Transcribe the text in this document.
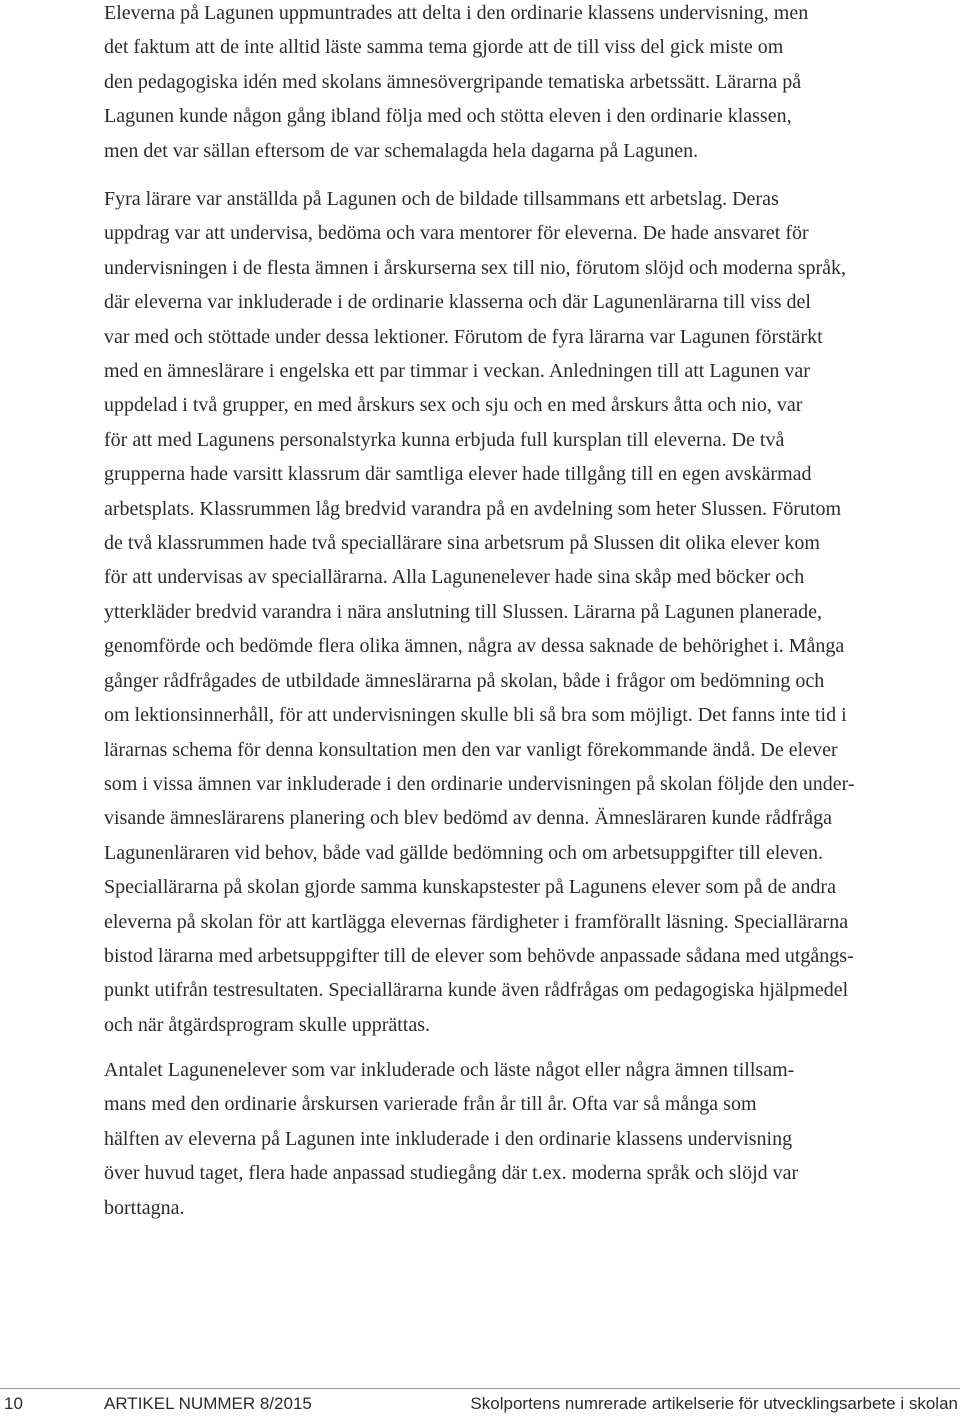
Eleverna på Lagunen uppmuntrades att delta i den ordinarie klassens undervisning, men
det faktum att de inte alltid läste samma tema gjorde att de till viss del gick miste om
den pedagogiska idén med skolans ämnesövergripande tematiska arbetssätt. Lärarna på
Lagunen kunde någon gång ibland följa med och stötta eleven i den ordinarie klassen,
men det var sällan eftersom de var schemalagda hela dagarna på Lagunen.
Fyra lärare var anställda på Lagunen och de bildade tillsammans ett arbetslag. Deras
uppdrag var att undervisa, bedöma och vara mentorer för eleverna. De hade ansvaret för
undervisningen i de flesta ämnen i årskurserna sex till nio, förutom slöjd och moderna språk,
där eleverna var inkluderade i de ordinarie klasserna och där Lagunenlärarna till viss del
var med och stöttade under dessa lektioner. Förutom de fyra lärarna var Lagunen förstärkt
med en ämneslärare i engelska ett par timmar i veckan. Anledningen till att Lagunen var
uppdelad i två grupper, en med årskurs sex och sju och en med årskurs åtta och nio, var
för att med Lagunens personalstyrka kunna erbjuda full kursplan till eleverna. De två
grupperna hade varsitt klassrum där samtliga elever hade tillgång till en egen avskärmad
arbetsplats. Klassrummen låg bredvid varandra på en avdelning som heter Slussen. Förutom
de två klassrummen hade två speciallärare sina arbetsrum på Slussen dit olika elever kom
för att undervisas av speciallärarna. Alla Lagunenelever hade sina skåp med böcker och
ytterkläder bredvid varandra i nära anslutning till Slussen. Lärarna på Lagunen planerade,
genomförde och bedömde flera olika ämnen, några av dessa saknade de behörighet i. Många
gånger rådfrågades de utbildade ämneslärarna på skolan, både i frågor om bedömning och
om lektionsinnerhåll, för att undervisningen skulle bli så bra som möjligt. Det fanns inte tid i
lärarnas schema för denna konsultation men den var vanligt förekommande ändå. De elever
som i vissa ämnen var inkluderade i den ordinarie undervisningen på skolan följde den under-
visande ämneslärarens planering och blev bedömd av denna. Ämnesläraren kunde rådfråga
Lagunenläraren vid behov, både vad gällde bedömning och om arbetsuppgifter till eleven.
Speciallärarna på skolan gjorde samma kunskapstester på Lagunens elever som på de andra
eleverna på skolan för att kartlägga elevernas färdigheter i framförallt läsning. Speciallärarna
bistod lärarna med arbetsuppgifter till de elever som behövde anpassade sådana med utgångs-
punkt utifrån testresultaten. Speciallärarna kunde även rådfrågas om pedagogiska hjälpmedel
och när åtgärdsprogram skulle upprättas.
Antalet Lagunenelever som var inkluderade och läste något eller några ämnen tillsam-
mans med den ordinarie årskursen varierade från år till år. Ofta var så många som
hälften av eleverna på Lagunen inte inkluderade i den ordinarie klassens undervisning
över huvud taget, flera hade anpassad studiegång där t.ex. moderna språk och slöjd var
borttagna.
10	ARTIKEL NUMMER 8/2015	Skolportens numrerade artikelserie för utvecklingsarbete i skolan
